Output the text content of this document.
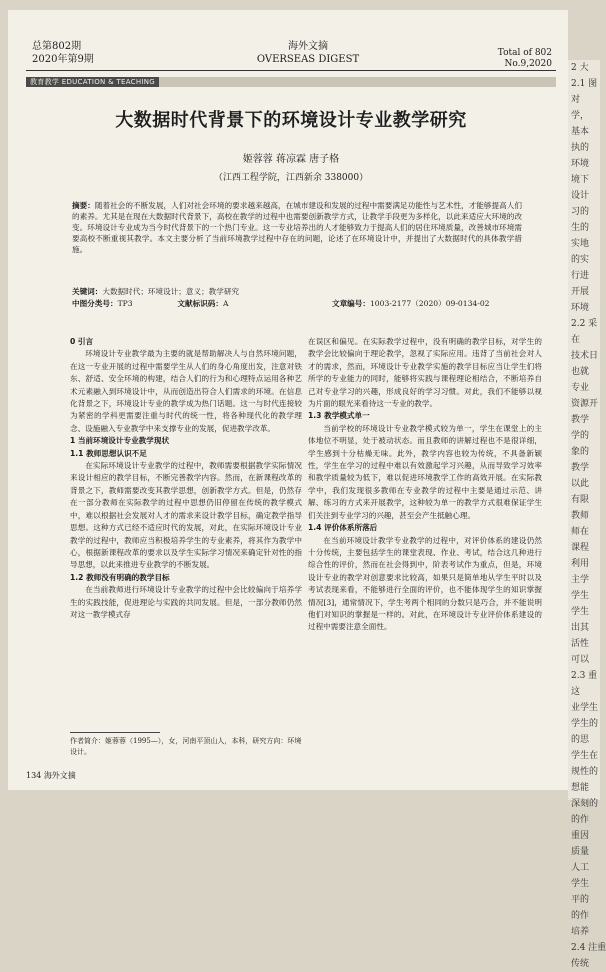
总第802期
2020年第9期
海外文摘
OVERSEAS DIGEST
Total of 802
No.9,2020
教育教学 EDUCATION & TEACHING
大数据时代背景下的环境设计专业教学研究
姬蓉蓉 蒋凉霖 唐子格
（江西工程学院，江西新余 338000）
摘要：随着社会的不断发展，人们对社会环境的要求越来越高，在城市建设和发展的过程中需要满足功能性与艺术性，才能够提高人们的素养。尤其是在现在大数据时代背景下，高校在教学的过程中也需要创新教学方式，让教学手段更为多样化，以此来适应大环境的改变。环境设计专业成为当今时代背景下的一个热门专业。这一专业培养出的人才能够致力于提高人们的居住环境质量，改善城市环境需要高校不断重视其教学。本文主要分析了当前环境教学过程中存在的问题，论述了在环境设计中，并提出了大数据时代的具体教学措施。
关键词：大数据时代；环境设计；意义；教学研究
中图分类号：TP3	文献标识码：A	文章编号：1003-2177（2020）09-0134-02
0 引言

环境设计专业教学最为主要的就是帮助解决人与自然环境问题，在这一专业开展的过程中需要学生从人们的身心角度出发，注意对铁东、舒适、安全环境的构建，结合人们的行为和心理特点运用各种艺术元素融入到环境设计中，从而创造出符合人们需求的环境。在信息化背景之下，环境设计专业的教学成为热门话题。这一与时代连接较为紧密的学科更需要注重与时代的统一性，将各种现代化的教学理念、设施融入专业教学中来支撑专业的发展，促进教学改革。

1 当前环境设计专业教学现状
1.1 教师思想认识不足

在实际环境设计专业教学的过程中，教师需要根据教学实际情况来设计相应的教学目标，不断完善教学内容。然而，在新课程改革的背景之下，教师需要改变其教学思想，创新教学方式。但是，仍然存在一部分教师在实际教学的过程中思想仍旧停留在传统的教学模式中，难以根据社会发展对人才的需求来设计教学目标，确定教学指导思想。这种方式已经不适应时代的发展，对此，在实际环境设计专业教学的过程中，教师应当积极培养学生的专业素养，将其作为教学中心，根据新课程改革的要求以及学生实际学习情况来确定针对性的指导思想，以此来推进专业教学的不断发展。

1.2 教师没有明确的教学目标

在当前教师进行环境设计专业教学的过程中会比较偏向于培养学生的实践技能，促进理论与实践的共同发展。但是，一部分教师仍然对这一教学模式存

在误区和偏见。在实际教学过程中，没有明确的教学目标，对学生的教学会比较偏向于理论教学，忽视了实际应用。违背了当前社会对人才的需求，然而，环境设计专业教学实施的教学目标应当让学生们将所学的专业能力的同时，能够将实践与课程理论相结合，不断培养自己对专业学习的兴趣，形成良好的学习习惯。对此，我们不能够以视为片面的眼光来看待这一专业的教学。

1.3 教学模式单一

当前学校的环境设计专业教学模式较为单一，学生在课堂上的主体地位不明显，处于被动状态。而且教师的讲解过程也不是很详细，学生感到十分枯燥无味。此外，教学内容也较为传统，不具备新颖性，学生在学习的过程中难以有效激起学习兴趣，从而导致学习效率和教学质量较为低下，难以促进环境教学工作的高效开展。在实际教学中，我们发现很多教师在专业教学的过程中主要是通过示范、讲解、练习的方式来开展教学，这种较为单一的教学方式很难保证学生们关注到专业学习的兴趣，甚至会产生抵触心理。

1.4 评价体系所落后

在当前环境设计教学专业教学的过程中，对评价体系的建设仍然十分传统，主要包括学生的课堂表现、作业、考试，结合这几种进行综合性的评价，然而在社会得到中，阶表考试作为重点，但是，环境设计专业的教学对创意要求比较高，如果只是简单地从学生平时以及考试表现来看，不能够进行全面的评价，也不能体现学生的知识掌握情况[3]，通常情况下，学生考两个相同的分数只是巧合，并不能说明他们对知识的掌握是一样的。对此，在环境设计专业评价体系建设的过程中需要注意全面性。

作者简介：姬蓉蓉（1995—），女，河南平顶山人，本科，研究方向：环境设计。
134 海外文摘
2 大
2.1 图
对
学，
基本
执的
环境
境下
设计
习的
生的
实地
的实
行进
开展
环境
2.2 采
在
技术日
也就
专业
资源开
教学
学的
象的
教学
以此
有限
教师
师在
课程
利用
主学
学生
学生
出其
活性
可以
2.3 重
这
业学生
学生的
的思
学生在
规性的
想能
深刻的
的作
重因
质量
人工
学生
平的
的作
培养
2.4 注重
传统
